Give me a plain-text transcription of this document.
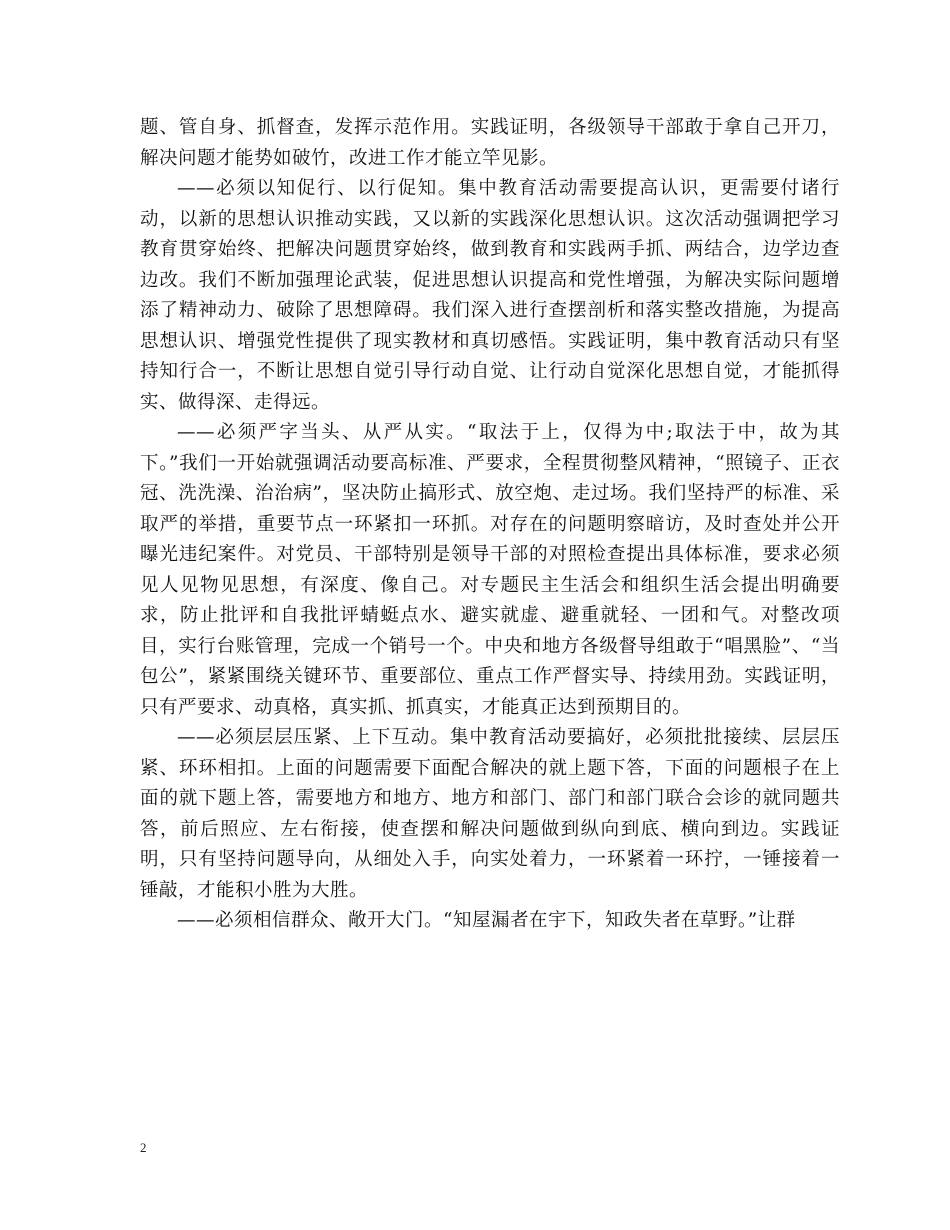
题、管自身、抓督查，发挥示范作用。实践证明，各级领导干部敢于拿自己开刀，解决问题才能势如破竹，改进工作才能立竿见影。

——必须以知促行、以行促知。集中教育活动需要提高认识，更需要付诸行动，以新的思想认识推动实践，又以新的实践深化思想认识。这次活动强调把学习教育贯穿始终、把解决问题贯穿始终，做到教育和实践两手抓、两结合，边学边查边改。我们不断加强理论武装，促进思想认识提高和党性增强，为解决实际问题增添了精神动力、破除了思想障碍。我们深入进行查摆剖析和落实整改措施，为提高思想认识、增强党性提供了现实教材和真切感悟。实践证明，集中教育活动只有坚持知行合一，不断让思想自觉引导行动自觉、让行动自觉深化思想自觉，才能抓得实、做得深、走得远。

——必须严字当头、从严从实。“取法于上，仅得为中;取法于中，故为其下。”我们一开始就强调活动要高标准、严要求，全程贯彻整风精神，“照镜子、正衣冠、洗洗澡、治治病”，坚决防止搞形式、放空炮、走过场。我们坚持严的标准、采取严的举措，重要节点一环紧扣一环抓。对存在的问题明察暗访，及时查处并公开曝光违纪案件。对党员、干部特别是领导干部的对照检查提出具体标准，要求必须见人见物见思想，有深度、像自己。对专题民主生活会和组织生活会提出明确要求，防止批评和自我批评蜻蜓点水、避实就虚、避重就轻、一团和气。对整改项目，实行台账管理，完成一个销号一个。中央和地方各级督导组敢于“唱黑脸”、“当包公”，紧紧围绕关键环节、重要部位、重点工作严督实导、持续用劲。实践证明，只有严要求、动真格，真实抓、抓真实，才能真正达到预期目的。

——必须层层压紧、上下互动。集中教育活动要搞好，必须批批接续、层层压紧、环环相扣。上面的问题需要下面配合解决的就上题下答，下面的问题根子在上面的就下题上答，需要地方和地方、地方和部门、部门和部门联合会诊的就同题共答，前后照应、左右衔接，使查摆和解决问题做到纵向到底、横向到边。实践证明，只有坚持问题导向，从细处入手，向实处着力，一环紧着一环拧，一锤接着一锤敲，才能积小胜为大胜。

——必须相信群众、敞开大门。“知屋漏者在宇下，知政失者在草野。”让群

2
